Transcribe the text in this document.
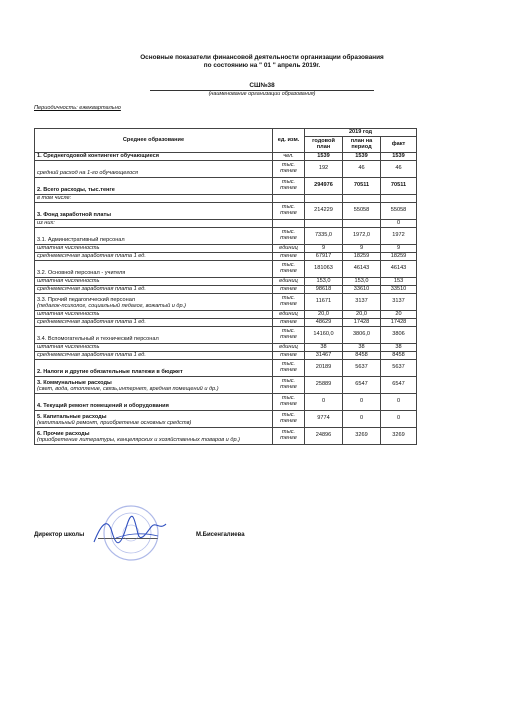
Основные показатели финансовой деятельности организации образования
по состоянию на " 01 " апрель 2019г.
СШ№38
(наименование организации образования)
Периодичность: ежеквартально
Среднее образование	ед. изм.	2019 год		
		годовой план	план на период	факт
1. Среднегодовой контингент обучающиеся	чел.	1539	1539	1539
средний расход на 1-го обучающегося	тыс. тенге	192	46	46
2. Всего расходы, тыс.тенге	тыс. тенге	294976	70511	70511
в том числе:				
3. Фонд заработной платы	тыс. тенге	214229	55058	55058
из них:				0
3.1. Административный персонал	тыс. тенге	7335,0	1972,0	1972
штатная численность	единиц	9	9	9
среднемесячная заработная плата 1 ед.	тенге	67917	18259	18259
3.2. Основной персонал - учителя	тыс. тенге	181063	46143	46143
штатная численность	единиц	153,0	153,0	153
среднемесячная заработная плата 1 ед.	тенге	98618	33610	33510
3.3. Прочий педагогический персонал
(педагок-психолог, социальный педагог, вожатый и др.)	тыс. тенге	11671	3137	3137
штатная численность	единиц	20,0	20,0	20
среднемесячная заработная плата 1 ед.	тенге	48629	17428	17428
3.4. Вспомогательный и технический персонал	тыс. тенге	14160,0	3806,0	3806
штатная численность	единиц	38	38	38
среднемесячная заработная плата 1 ед.	тенге	31467	8458	8458
2. Налоги и другие обязательные платежи в бюджет	тыс. тенге	20189	5637	5637
3. Коммунальные расходы
(свет, вода, отопление, связь,интернет, вредная помещений и др.)	тыс. тенге	25889	6547	6547
4. Текущий ремонт помещений и оборудования	тыс. тенге	0	0	0
5. Капитальные расходы
(капитальный ремонт, приобретение основных средств)	тыс. тенге	9774	0	0
6. Прочие расходы
(приобретение литературы, канцелярских и хозяйственных товаров и др.)	тыс. тенге	24896	3269	3269
Директор школы	М.Бисенгалиева
